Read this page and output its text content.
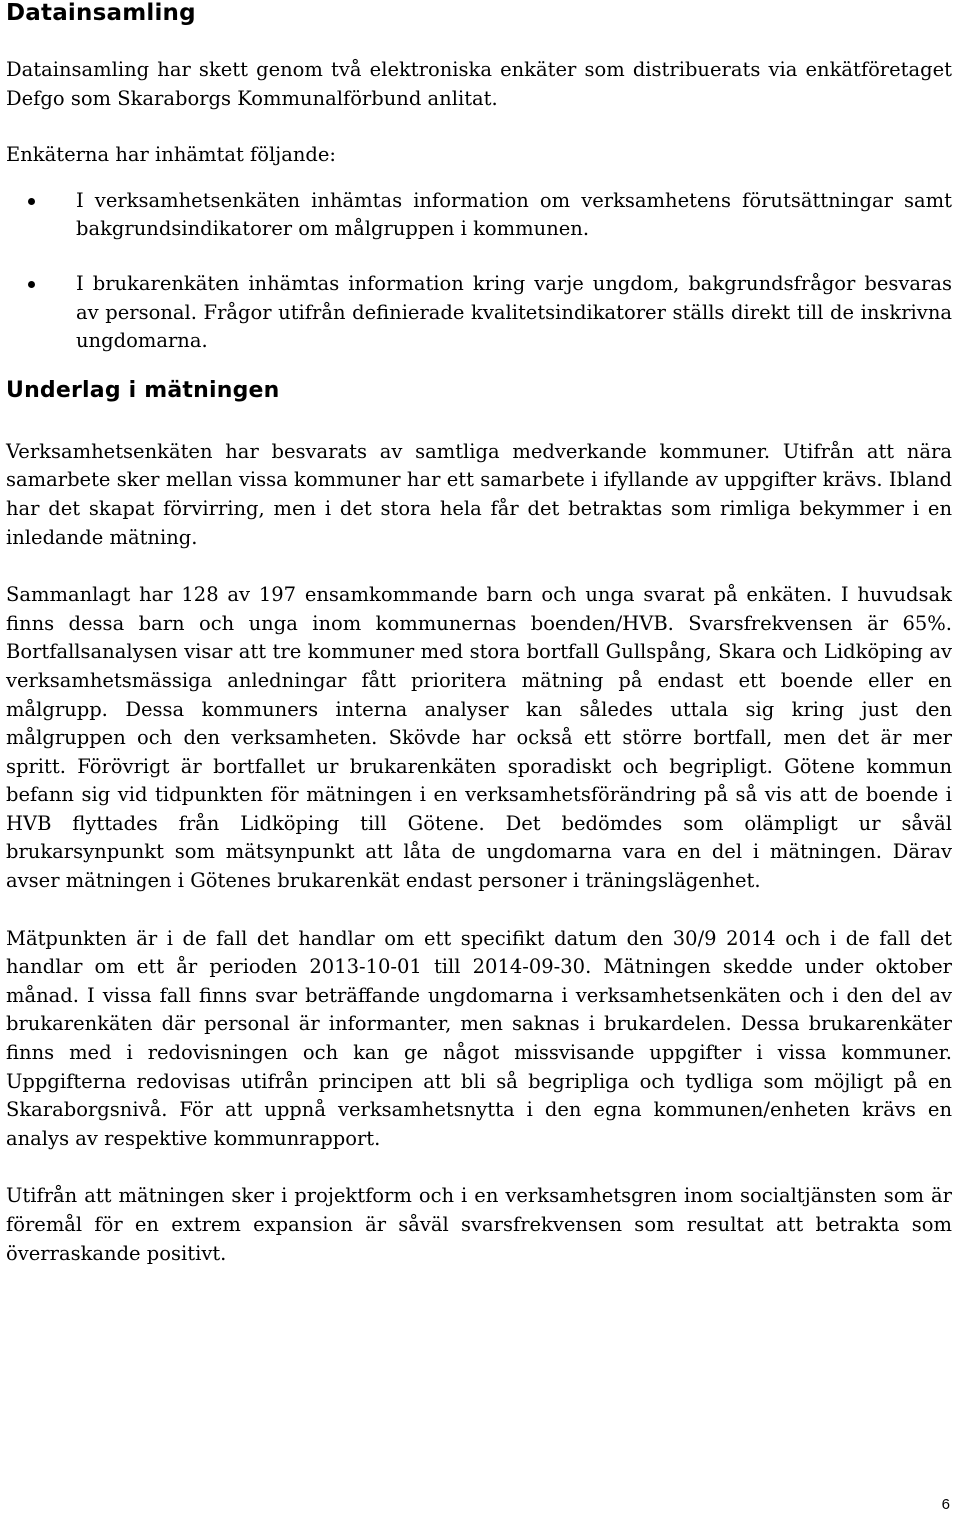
Datainsamling

Datainsamling har skett genom två elektroniska enkäter som distribuerats via enkätföretaget Defgo som Skaraborgs Kommunalförbund anlitat.

Enkäterna har inhämtat följande:

I verksamhetsenkäten inhämtas information om verksamhetens förutsättningar samt bakgrundsindikatorer om målgruppen i kommunen.

I brukarenkäten inhämtas information kring varje ungdom, bakgrundsfrågor besvaras av personal. Frågor utifrån definierade kvalitetsindikatorer ställs direkt till de inskrivna ungdomarna.

Underlag i mätningen

Verksamhetsenkäten har besvarats av samtliga medverkande kommuner. Utifrån att nära samarbete sker mellan vissa kommuner har ett samarbete i ifyllande av uppgifter krävs. Ibland har det skapat förvirring, men i det stora hela får det betraktas som rimliga bekymmer i en inledande mätning.

Sammanlagt har 128 av 197 ensamkommande barn och unga svarat på enkäten. I huvudsak finns dessa barn och unga inom kommunernas boenden/HVB. Svarsfrekvensen är 65%. Bortfallsanalysen visar att tre kommuner med stora bortfall Gullspång, Skara och Lidköping av verksamhetsmässiga anledningar fått prioritera mätning på endast ett boende eller en målgrupp. Dessa kommuners interna analyser kan således uttala sig kring just den målgruppen och den verksamheten. Skövde har också ett större bortfall, men det är mer spritt. Förövrigt är bortfallet ur brukarenkäten sporadiskt och begripligt. Götene kommun befann sig vid tidpunkten för mätningen i en verksamhetsförändring på så vis att de boende i HVB flyttades från Lidköping till Götene. Det bedömdes som olämpligt ur såväl brukarsynpunkt som mätsynpunkt att låta de ungdomarna vara en del i mätningen. Därav avser mätningen i Götenes brukarenkät endast personer i träningslägenhet.

Mätpunkten är i de fall det handlar om ett specifikt datum den 30/9 2014 och i de fall det handlar om ett år perioden 2013-10-01 till 2014-09-30. Mätningen skedde under oktober månad. I vissa fall finns svar beträffande ungdomarna i verksamhetsenkäten och i den del av brukarenkäten där personal är informanter, men saknas i brukardelen. Dessa brukarenkäter finns med i redovisningen och kan ge något missvisande uppgifter i vissa kommuner. Uppgifterna redovisas utifrån principen att bli så begripliga och tydliga som möjligt på en Skaraborgsnivå. För att uppnå verksamhetsnytta i den egna kommunen/enheten krävs en analys av respektive kommunrapport.

Utifrån att mätningen sker i projektform och i en verksamhetsgren inom socialtjänsten som är föremål för en extrem expansion är såväl svarsfrekvensen som resultat att betrakta som överraskande positivt.

6
